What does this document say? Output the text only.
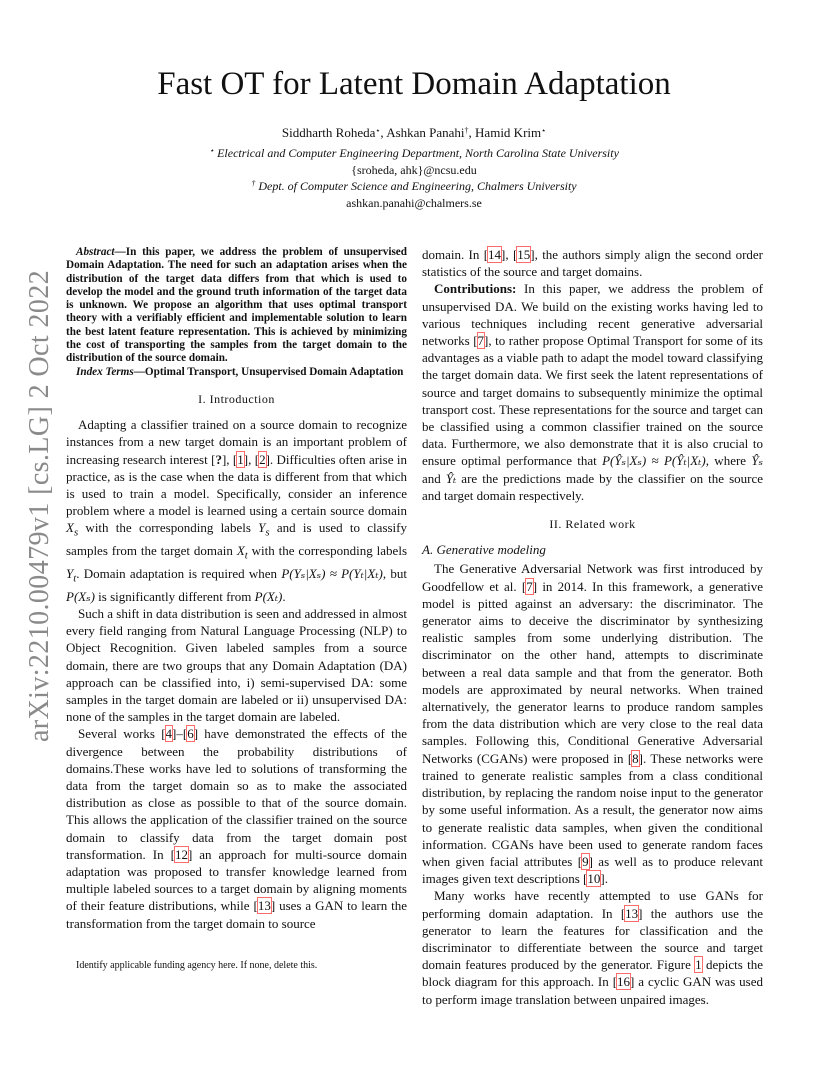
arXiv:2210.00479v1 [cs.LG] 2 Oct 2022
Fast OT for Latent Domain Adaptation
Siddharth Roheda⋆, Ashkan Panahi†, Hamid Krim⋆
⋆ Electrical and Computer Engineering Department, North Carolina State University
{sroheda, ahk}@ncsu.edu
† Dept. of Computer Science and Engineering, Chalmers University
ashkan.panahi@chalmers.se

Abstract—In this paper, we address the problem of unsupervised Domain Adaptation. The need for such an adaptation arises when the distribution of the target data differs from that which is used to develop the model and the ground truth information of the target data is unknown. We propose an algorithm that uses optimal transport theory with a verifiably efficient and implementable solution to learn the best latent feature representation. This is achieved by minimizing the cost of transporting the samples from the target domain to the distribution of the source domain.

Index Terms—Optimal Transport, Unsupervised Domain Adaptation

I. Introduction

Adapting a classifier trained on a source domain to recognize instances from a new target domain is an important problem of increasing research interest [?], [1], [2]. Difficulties often arise in practice, as is the case when the data is different from that which is used to train a model. Specifically, consider an inference problem where a model is learned using a certain source domain $X_s$ with the corresponding labels $Y_s$ and is used to classify samples from the target domain $X_t$ with the corresponding labels $Y_t$. Domain adaptation is required when P(Yₛ|Xₛ) ≈ P(Yₜ|Xₜ), but P(Xₛ) is significantly different from P(Xₜ).

Such a shift in data distribution is seen and addressed in almost every field ranging from Natural Language Processing (NLP) to Object Recognition. Given labeled samples from a source domain, there are two groups that any Domain Adaptation (DA) approach can be classified into, i) semi-supervised DA: some samples in the target domain are labeled or ii) unsupervised DA: none of the samples in the target domain are labeled.

Several works [4]–[6] have demonstrated the effects of the divergence between the probability distributions of domains.These works have led to solutions of transforming the data from the target domain so as to make the associated distribution as close as possible to that of the source domain. This allows the application of the classifier trained on the source domain to classify data from the target domain post transformation. In [12] an approach for multi-source domain adaptation was proposed to transfer knowledge learned from multiple labeled sources to a target domain by aligning moments of their feature distributions, while [13] uses a GAN to learn the transformation from the target domain to source

domain. In [14], [15], the authors simply align the second order statistics of the source and target domains.

Contributions: In this paper, we address the problem of unsupervised DA. We build on the existing works having led to various techniques including recent generative adversarial networks [7], to rather propose Optimal Transport for some of its advantages as a viable path to adapt the model toward classifying the target domain data. We first seek the latent representations of source and target domains to subsequently minimize the optimal transport cost. These representations for the source and target can be classified using a common classifier trained on the source data. Furthermore, we also demonstrate that it is also crucial to ensure optimal performance that P(Ŷₛ|Xₛ) ≈ P(Ŷₜ|Xₜ), where Ŷₛ and Ŷₜ are the predictions made by the classifier on the source and target domain respectively.

II. Related work
A. Generative modeling

The Generative Adversarial Network was first introduced by Goodfellow et al. [7] in 2014. In this framework, a generative model is pitted against an adversary: the discriminator. The generator aims to deceive the discriminator by synthesizing realistic samples from some underlying distribution. The discriminator on the other hand, attempts to discriminate between a real data sample and that from the generator. Both models are approximated by neural networks. When trained alternatively, the generator learns to produce random samples from the data distribution which are very close to the real data samples. Following this, Conditional Generative Adversarial Networks (CGANs) were proposed in [8]. These networks were trained to generate realistic samples from a class conditional distribution, by replacing the random noise input to the generator by some useful information. As a result, the generator now aims to generate realistic data samples, when given the conditional information. CGANs have been used to generate random faces when given facial attributes [9] as well as to produce relevant images given text descriptions [10].

Many works have recently attempted to use GANs for performing domain adaptation. In [13] the authors use the generator to learn the features for classification and the discriminator to differentiate between the source and target domain features produced by the generator. Figure 1 depicts the block diagram for this approach. In [16] a cyclic GAN was used to perform image translation between unpaired images.

Identify applicable funding agency here. If none, delete this.
